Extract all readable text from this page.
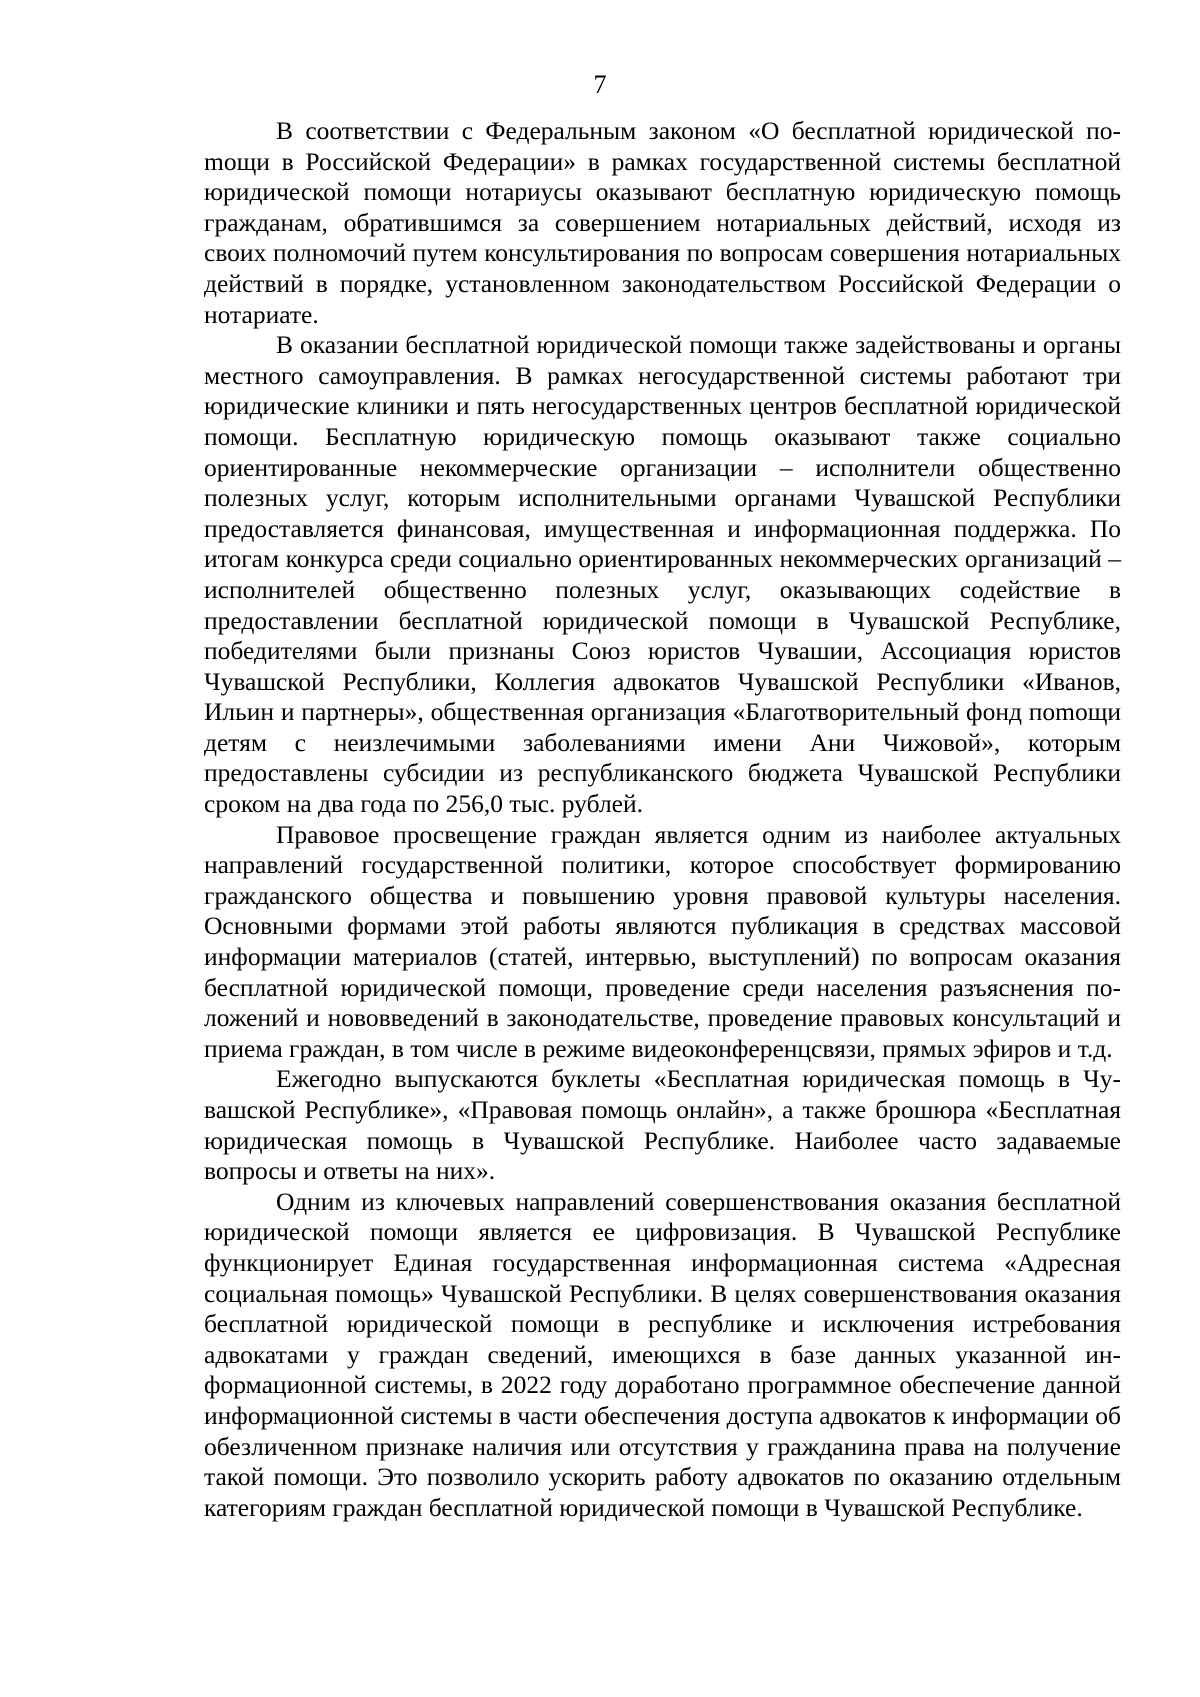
7

В соответствии с Федеральным законом «О бесплатной юридической поmощи в Российской Федерации» в рамках государственной системы бесплатной юридической помощи нотариусы оказывают бесплатную юридическую помощь гражданам, обратившимся за совершением нотариальных действий, исходя из своих полномочий путем консультирования по вопросам совершения нотариальных действий в порядке, установленном законодательством Российской Федерации о нотариате.

В оказании бесплатной юридической помощи также задействованы и органы местного самоуправления. В рамках негосударственной системы работают три юридические клиники и пять негосударственных центров бесплатной юридической помощи. Бесплатную юридическую помощь оказывают также социально ориентированные некоммерческие организации – исполнители общественно полезных услуг, которым исполнительными органами Чувашской Республики предоставляется финансовая, имущественная и информационная поддержка. По итогам конкурса среди социально ориентированных некоммерческих организаций – исполнителей общественно полезных услуг, оказывающих содействие в предоставлении бесплатной юридической помощи в Чувашской Республике, победителями были признаны Союз юристов Чувашии, Ассоциация юристов Чувашской Республики, Коллегия адвокатов Чувашской Республики «Иванов, Ильин и партнеры», общественная организация «Благотворительный фонд поmощи детям с неизлечимыми заболеваниями имени Ани Чижовой», которым предоставлены субсидии из республиканского бюджета Чувашской Республики сроком на два года по 256,0 тыс. рублей.

Правовое просвещение граждан является одним из наиболее актуальных направлений государственной политики, которое способствует формированию гражданского общества и повышению уровня правовой культуры населения. Основными формами этой работы являются публикация в средствах массовой информации материалов (статей, интервью, выступлений) по вопросам оказания бесплатной юридической помощи, проведение среди населения разъяснения положений и нововведений в законодательстве, проведение правовых консультаций и приема граждан, в том числе в режиме видеоконференцсвязи, прямых эфиров и т.д.

Ежегодно выпускаются буклеты «Бесплатная юридическая помощь в Чувашской Республике», «Правовая помощь онлайн», а также брошюра «Бесплатная юридическая помощь в Чувашской Республике. Наиболее часто задаваемые вопросы и ответы на них».

Одним из ключевых направлений совершенствования оказания бесплатной юридической помощи является ее цифровизация. В Чувашской Республике функционирует Единая государственная информационная система «Адресная социальная помощь» Чувашской Республики. В целях совершенствования оказания бесплатной юридической помощи в республике и исключения истребования адвокатами у граждан сведений, имеющихся в базе данных указанной информационной системы, в 2022 году доработано программное обеспечение данной информационной системы в части обеспечения доступа адвокатов к информации об обезличенном признаке наличия или отсутствия у гражданина права на получение такой помощи. Это позволило ускорить работу адвокатов по оказанию отдельным категориям граждан бесплатной юридической помощи в Чувашской Республике.
